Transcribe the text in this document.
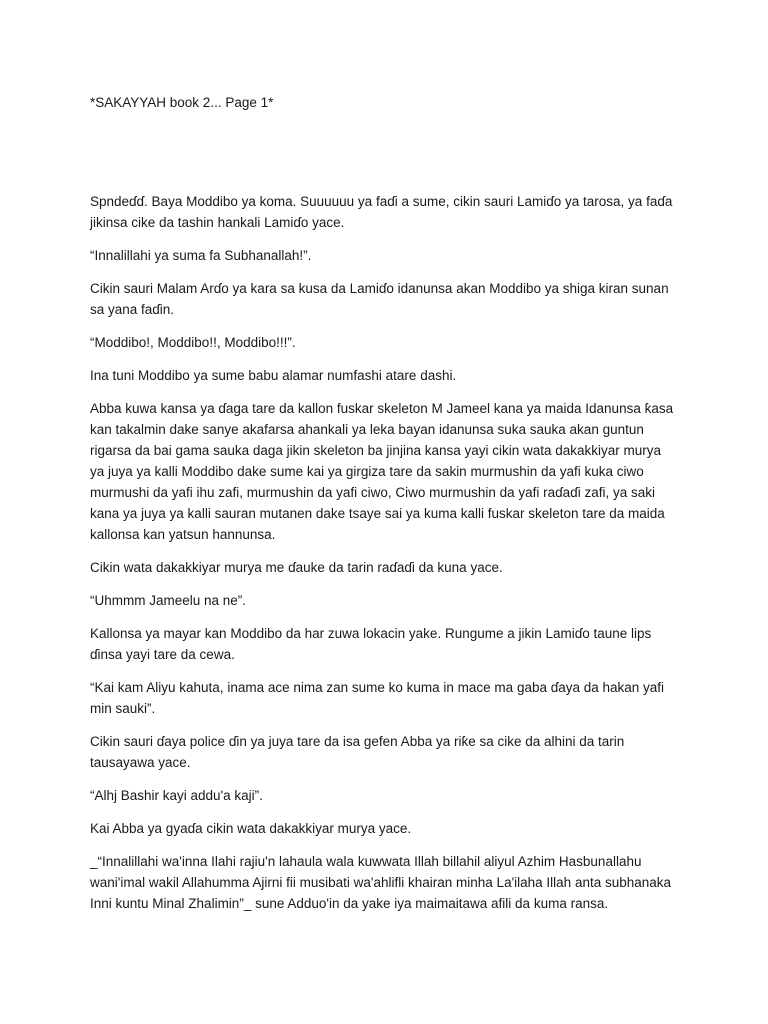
*SAKAYYAH book 2... Page 1*

Spndeɗɗ. Baya Moddibo ya koma. Suuuuuu ya faɗi a sume, cikin sauri Lamiɗo ya tarosa, ya faɗa jikinsa cike da tashin hankali Lamiɗo yace.

“Innalillahi ya suma fa Subhanallah!”.

Cikin sauri Malam Arɗo ya kara sa kusa da Lamiɗo idanunsa akan Moddibo ya shiga kiran sunan sa yana faɗin.

“Moddibo!, Moddibo!!, Moddibo!!!”.

Ina tuni Moddibo ya sume babu alamar numfashi atare dashi.

Abba kuwa kansa ya ɗaga tare da kallon fuskar skeleton M Jameel kana ya maida Idanunsa ƙasa kan takalmin dake sanye akafarsa ahankali ya leka bayan idanunsa suka sauka akan guntun rigarsa da bai gama sauka daga jikin skeleton ba jinjina kansa yayi cikin wata dakakkiyar murya ya juya ya kalli Moddibo dake sume kai ya girgiza tare da sakin murmushin da yafi kuka ciwo murmushi da yafi ihu zafi, murmushin da yafi ciwo, Ciwo murmushin da yafi raɗaɗi zafi, ya saki kana ya juya ya kalli sauran mutanen dake tsaye sai ya kuma kalli fuskar skeleton tare da maida kallonsa kan yatsun hannunsa.

Cikin wata dakakkiyar murya me ɗauke da tarin raɗaɗi da kuna yace.

“Uhmmm Jameelu na ne”.

Kallonsa ya mayar kan Moddibo da har zuwa lokacin yake. Rungume a jikin Lamiɗo taune lips ɗinsa yayi tare da cewa.

“Kai kam Aliyu kahuta, inama ace nima zan sume ko kuma in mace ma gaba ɗaya da hakan yafi min sauki”.

Cikin sauri ɗaya police ɗin ya juya tare da isa gefen Abba ya riƙe sa cike da alhini da tarin tausayawa yace.

“Alhj Bashir kayi addu'a kaji”.

Kai Abba ya gyaɗa cikin wata dakakkiyar murya yace.

_“Innalillahi wa'inna Ilahi rajiu'n lahaula wala kuwwata Illah billahil aliyul Azhim Hasbunallahu wani'imal wakil Allahumma Ajirni fii musibati wa'ahlifli khairan minha La'ilaha Illah anta subhanaka Inni kuntu Minal Zhalimin”_ sune Adduo'in da yake iya maimaitawa afili da kuma ransa.
